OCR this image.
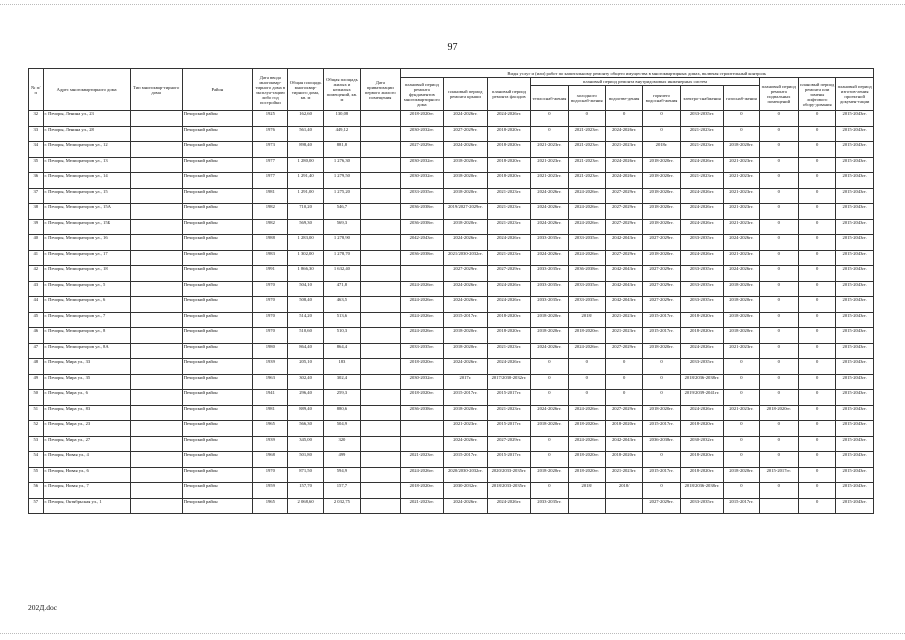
97
№ п/п	Адрес многоквартирного дома	Тип многоквар-тирного дома	Район	Дата ввода многоквар-тирного дома в эксплуа-тацию либо год постройки	Общая площадь многоквар-тирного дома, кв. м	Общая площадь жилых и нежилых помещений, кв. м	Дата приватизации первого жилого помещения	Виды услуг и (или) работ по капитальному ремонту общего имущества в многоквартирных домах, включая строительный контроль											
								плановый период ремонта фундаментов многоквартирного дома	плановый период ремонта крыши	плановый период ремонта фасадов	плановый период ремонта внутридомовых инженерных систем						плановый период ремонта подвальных помещений	плановый период ремонта или замены лифтового обору-дования	плановый период изготов-ления проектной докумен-тации
											теплоснаб-жения	холодного водоснаб-жения	водоотве-дения	горячего водоснаб-жения	электро-снабжения	газоснаб-жения			
32	г. Печоры, Ленина ул., 23		Печорский район	1925	162,60	130,08		2018-2020гг.	2024-2026гг.	2024-2026гг.	0	0	0	0	2033-2035гг.	0	0	0	2015-2043гг.
33	г. Печоры, Ленина ул., 28		Печорский район	1976	561,40	449,12		2030-2032гг.	2027-2029гг.	2018-2020гг.	0	2021-2023гг.	2024-2026гг.	0	2021-2023гг.	0	0	0	2015-2043гг.
34	г. Печоры, Мелиораторов ул., 12		Печорский район	1973	898,40	881,8		2027-2029гг.	2024-2026гг.	2018-2020гг.	2021-2023гг.	2021-2023гг.	2021-2023гг.	2018г.	2021-2023гг.	2018-2020гг.	0	0	2015-2043гг.
35	г. Печоры, Мелиораторов ул., 13		Печорский район	1977	1 280,00	1 276,30		2030-2032гг.	2018-2020гг.	2018-2020гг.	2021-2023гг.	2021-2023гг.	2024-2026гг.	2018-2020гг.	2024-2026гг.	2021-2023гг.	0	0	2015-2043гг.
36	г. Печоры, Мелиораторов ул., 14		Печорский район	1977	1 291,40	1 279,50		2030-2032гг.	2018-2020гг.	2018-2020гг.	2021-2023гг.	2021-2023гг.	2024-2026гг.	2018-2020гг.	2021-2023гг.	2021-2023гг.	0	0	2015-2043гг.
37	г. Печоры, Мелиораторов ул., 15		Печорский район	1981	1 291,00	1 275,20		2033-2035гг.	2018-2020гг.	2021-2023гг.	2024-2026гг.	2024-2026гг.	2027-2029гг.	2018-2020гг.	2024-2026гг.	2021-2023гг.	0	0	2015-2043гг.
38	г. Печоры, Мелиораторов ул., 15А		Печорский район	1982	710,20	546,7		2036-2038гг.	2019/2027-2029гг.	2021-2023гг.	2024-2026гг.	2024-2026гг.	2027-2029гг.	2018-2020гг.	2024-2026гг.	2021-2023гг.	0	0	2015-2043гг.
39	г. Печоры, Мелиораторов ул., 15Б		Печорский район	1982	569,30	569,3		2036-2038гг.	2018-2020гг.	2021-2023гг.	2024-2026гг.	2024-2026гг.	2027-2029гг.	2018-2020гг.	2024-2026гг.	2021-2023гг.	0	0	2015-2043гг.
40	г. Печоры, Мелиораторов ул., 16		Печорский район	1988	1 283,00	1 278,90		2042-2043гг.	2024-2026гг.	2024-2026гг.	2033-2035гг.	2033-2035гг.	2042-2043гг.	2027-2029гг.	2033-2035гг.	2024-2026гг.	0	0	2015-2043гг.
41	г. Печоры, Мелиораторов ул., 17		Печорский район	1983	1 302,00	1 278,70		2036-2038гг.	2021/2030-2032гг.	2021-2023гг.	2024-2026гг.	2024-2026гг.	2027-2029гг.	2018-2020гг.	2024-2026гг.	2021-2023гг.	0	0	2015-2043гг.
42	г. Печоры, Мелиораторов ул., 18		Печорский район	1991	1 866,30	1 632,40			2027-2029гг.	2027-2029гг.	2033-2035гг.	2036-2038гг.	2042-2043гг.	2027-2029гг.	2033-2035гг.	2024-2026гг.	0	0	2015-2043гг.
43	г. Печоры, Мелиораторов ул., 5		Печорский район	1970	504,10	471,8		2024-2026гг.	2024-2026гг.	2024-2026гг.	2033-2035гг.	2033-2035гг.	2042-2043гг.	2027-2029гг.	2033-2035гг.	2018-2020гг.	0	0	2015-2043гг.
44	г. Печоры, Мелиораторов ул., 6		Печорский район	1970	508,40	463,5		2024-2026гг.	2024-2026гг.	2024-2026гг.	2033-2035гг.	2033-2035гг.	2042-2043гг.	2027-2029гг.	2033-2035гг.	2018-2020гг.	0	0	2015-2043гг.
45	г. Печоры, Мелиораторов ул., 7		Печорский район	1970	514,20	513,6		2024-2026гг.	2015-2017гг.	2018-2020гг.	2018-2020гг.	2018/	2021-2023гг.	2015-2017гг.	2018-2020гг.	2018-2020гг.	0	0	2015-2043гг.
46	г. Печоры, Мелиораторов ул., 8		Печорский район	1970	510,60	510,3		2024-2026гг.	2018-2020гг.	2018-2020гг.	2018-2020гг.	2018-2020гг.	2021-2023гг.	2015-2017гг.	2018-2020гг.	2018-2020гг.	0	0	2015-2043гг.
47	г. Печоры, Мелиораторов ул., 8А		Печорский район	1980	864,40	864,4		2033-2035гг.	2018-2020гг.	2021-2023гг.	2024-2026гг.	2024-2026гг.	2027-2029гг.	2018-2020гг.	2024-2026гг.	2021-2023гг.	0	0	2015-2043гг.
48	г. Печоры, Мира ул., 33		Печорский район	1939	205,10	183		2018-2020гг.	2024-2026гг.	2024-2026гг.	0	0	0	0	2033-2035гг.	0	0	0	2015-2043гг.
49	г. Печоры, Мира ул., 35		Печорский район	1963	302,40	302,4		2030-2032гг.	2017г.	2017/2030-2032гг.	0	0	0	0	2018/2036-2038гг.	0	0	0	2015-2043гг.
50	г. Печоры, Мира ул., 6		Печорский район	1941	296,40	259,3		2018-2020гг.	2015-2017гг.	2015-2017гг.	0	0	0	0	2019/2039-2041гг.	0	0	0	2015-2043гг.
51	г. Печоры, Мира ул., 83		Печорский район	1981	889,40	880,6		2036-2038гг.	2018-2020гг.	2021-2023гг.	2024-2026гг.	2024-2026гг.	2027-2029гг.	2018-2020гг.	2024-2026гг.	2021-2023гг.	2018-2020гг.	0	2015-2043гг.
52	г. Печоры, Мира ул., 23		Печорский район	1965	566,30	504,9			2021-2023гг.	2015-2017гг.	2018-2020гг.	2018-2020гг.	2018-2020гг.	2015-2017гг.	2018-2020гг.	0	0	0	2015-2043гг.
53	г. Печоры, Мира ул., 27		Печорский район	1939	345,00	320			2024-2026гг.	2027-2029гг.	0	2024-2026гг.	2042-2043гг.	2036-2038гг.	2030-2032гг.	0	0	0	2015-2043гг.
54	г. Печоры, Новая ул., 4		Печорский район	1968	501,80	499		2021-2023гг.	2015-2017гг.	2015-2017гг.	0	2018-2020гг.	2018-2020гг.	0	2018-2020гг.	0	0	0	2015-2043гг.
55	г. Печоры, Новая ул., 6		Печорский район	1970	871,50	594,9		2024-2026гг.	2020/2030-2032гг.	2020/2033-2035гг.	2018-2020гг.	2018-2020гг.	2021-2023гг.	2015-2017гг.	2018-2020гг.	2018-2020гг.	2015-2017гг.	0	2015-2043гг.
56	г. Печоры, Новая ул., 7		Печорский район	1959	157,70	157,7		2018-2020гг.	2030-2032гг.	2018/2033-2035гг.	0	2018/	2018/	0	2018/2036-2038гг.	0	0	0	2015-2043гг.
57	г. Печоры, Октябрьская ул., 1		Печорский район	1965	2 068,60	2 032,75		2021-2023гг.	2024-2026гг.	2024-2026гг.	2033-2035гг.			2027-2029гг.	2033-2035гг.	2015-2017гг.		0	2015-2043гг.
202Д.doc
